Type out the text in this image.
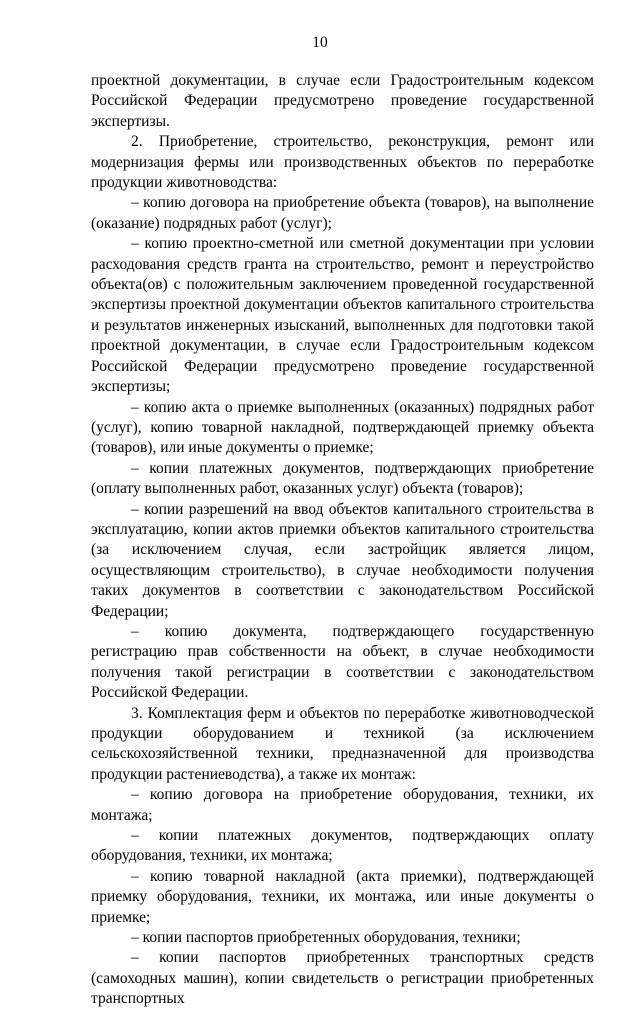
10

проектной документации, в случае если Градостроительным кодексом Российской Федерации предусмотрено проведение государственной экспертизы.

2. Приобретение, строительство, реконструкция, ремонт или модернизация фермы или производственных объектов по переработке продукции животноводства:

– копию договора на приобретение объекта (товаров), на выполнение (оказание) подрядных работ (услуг);

– копию проектно-сметной или сметной документации при условии расходования средств гранта на строительство, ремонт и переустройство объекта(ов) с положительным заключением проведенной государственной экспертизы проектной документации объектов капитального строительства и результатов инженерных изысканий, выполненных для подготовки такой проектной документации, в случае если Градостроительным кодексом Российской Федерации предусмотрено проведение государственной экспертизы;

– копию акта о приемке выполненных (оказанных) подрядных работ (услуг), копию товарной накладной, подтверждающей приемку объекта (товаров), или иные документы о приемке;

– копии платежных документов, подтверждающих приобретение (оплату выполненных работ, оказанных услуг) объекта (товаров);

– копии разрешений на ввод объектов капитального строительства в эксплуатацию, копии актов приемки объектов капитального строительства (за исключением случая, если застройщик является лицом, осуществляющим строительство), в случае необходимости получения таких документов в соответствии с законодательством Российской Федерации;

– копию документа, подтверждающего государственную регистрацию прав собственности на объект, в случае необходимости получения такой регистрации в соответствии с законодательством Российской Федерации.

3. Комплектация ферм и объектов по переработке животноводческой продукции оборудованием и техникой (за исключением сельскохозяйственной техники, предназначенной для производства продукции растениеводства), а также их монтаж:

– копию договора на приобретение оборудования, техники, их монтажа;

– копии платежных документов, подтверждающих оплату оборудования, техники, их монтажа;

– копию товарной накладной (акта приемки), подтверждающей приемку оборудования, техники, их монтажа, или иные документы о приемке;

– копии паспортов приобретенных оборудования, техники;

– копии паспортов приобретенных транспортных средств (самоходных машин), копии свидетельств о регистрации приобретенных транспортных
